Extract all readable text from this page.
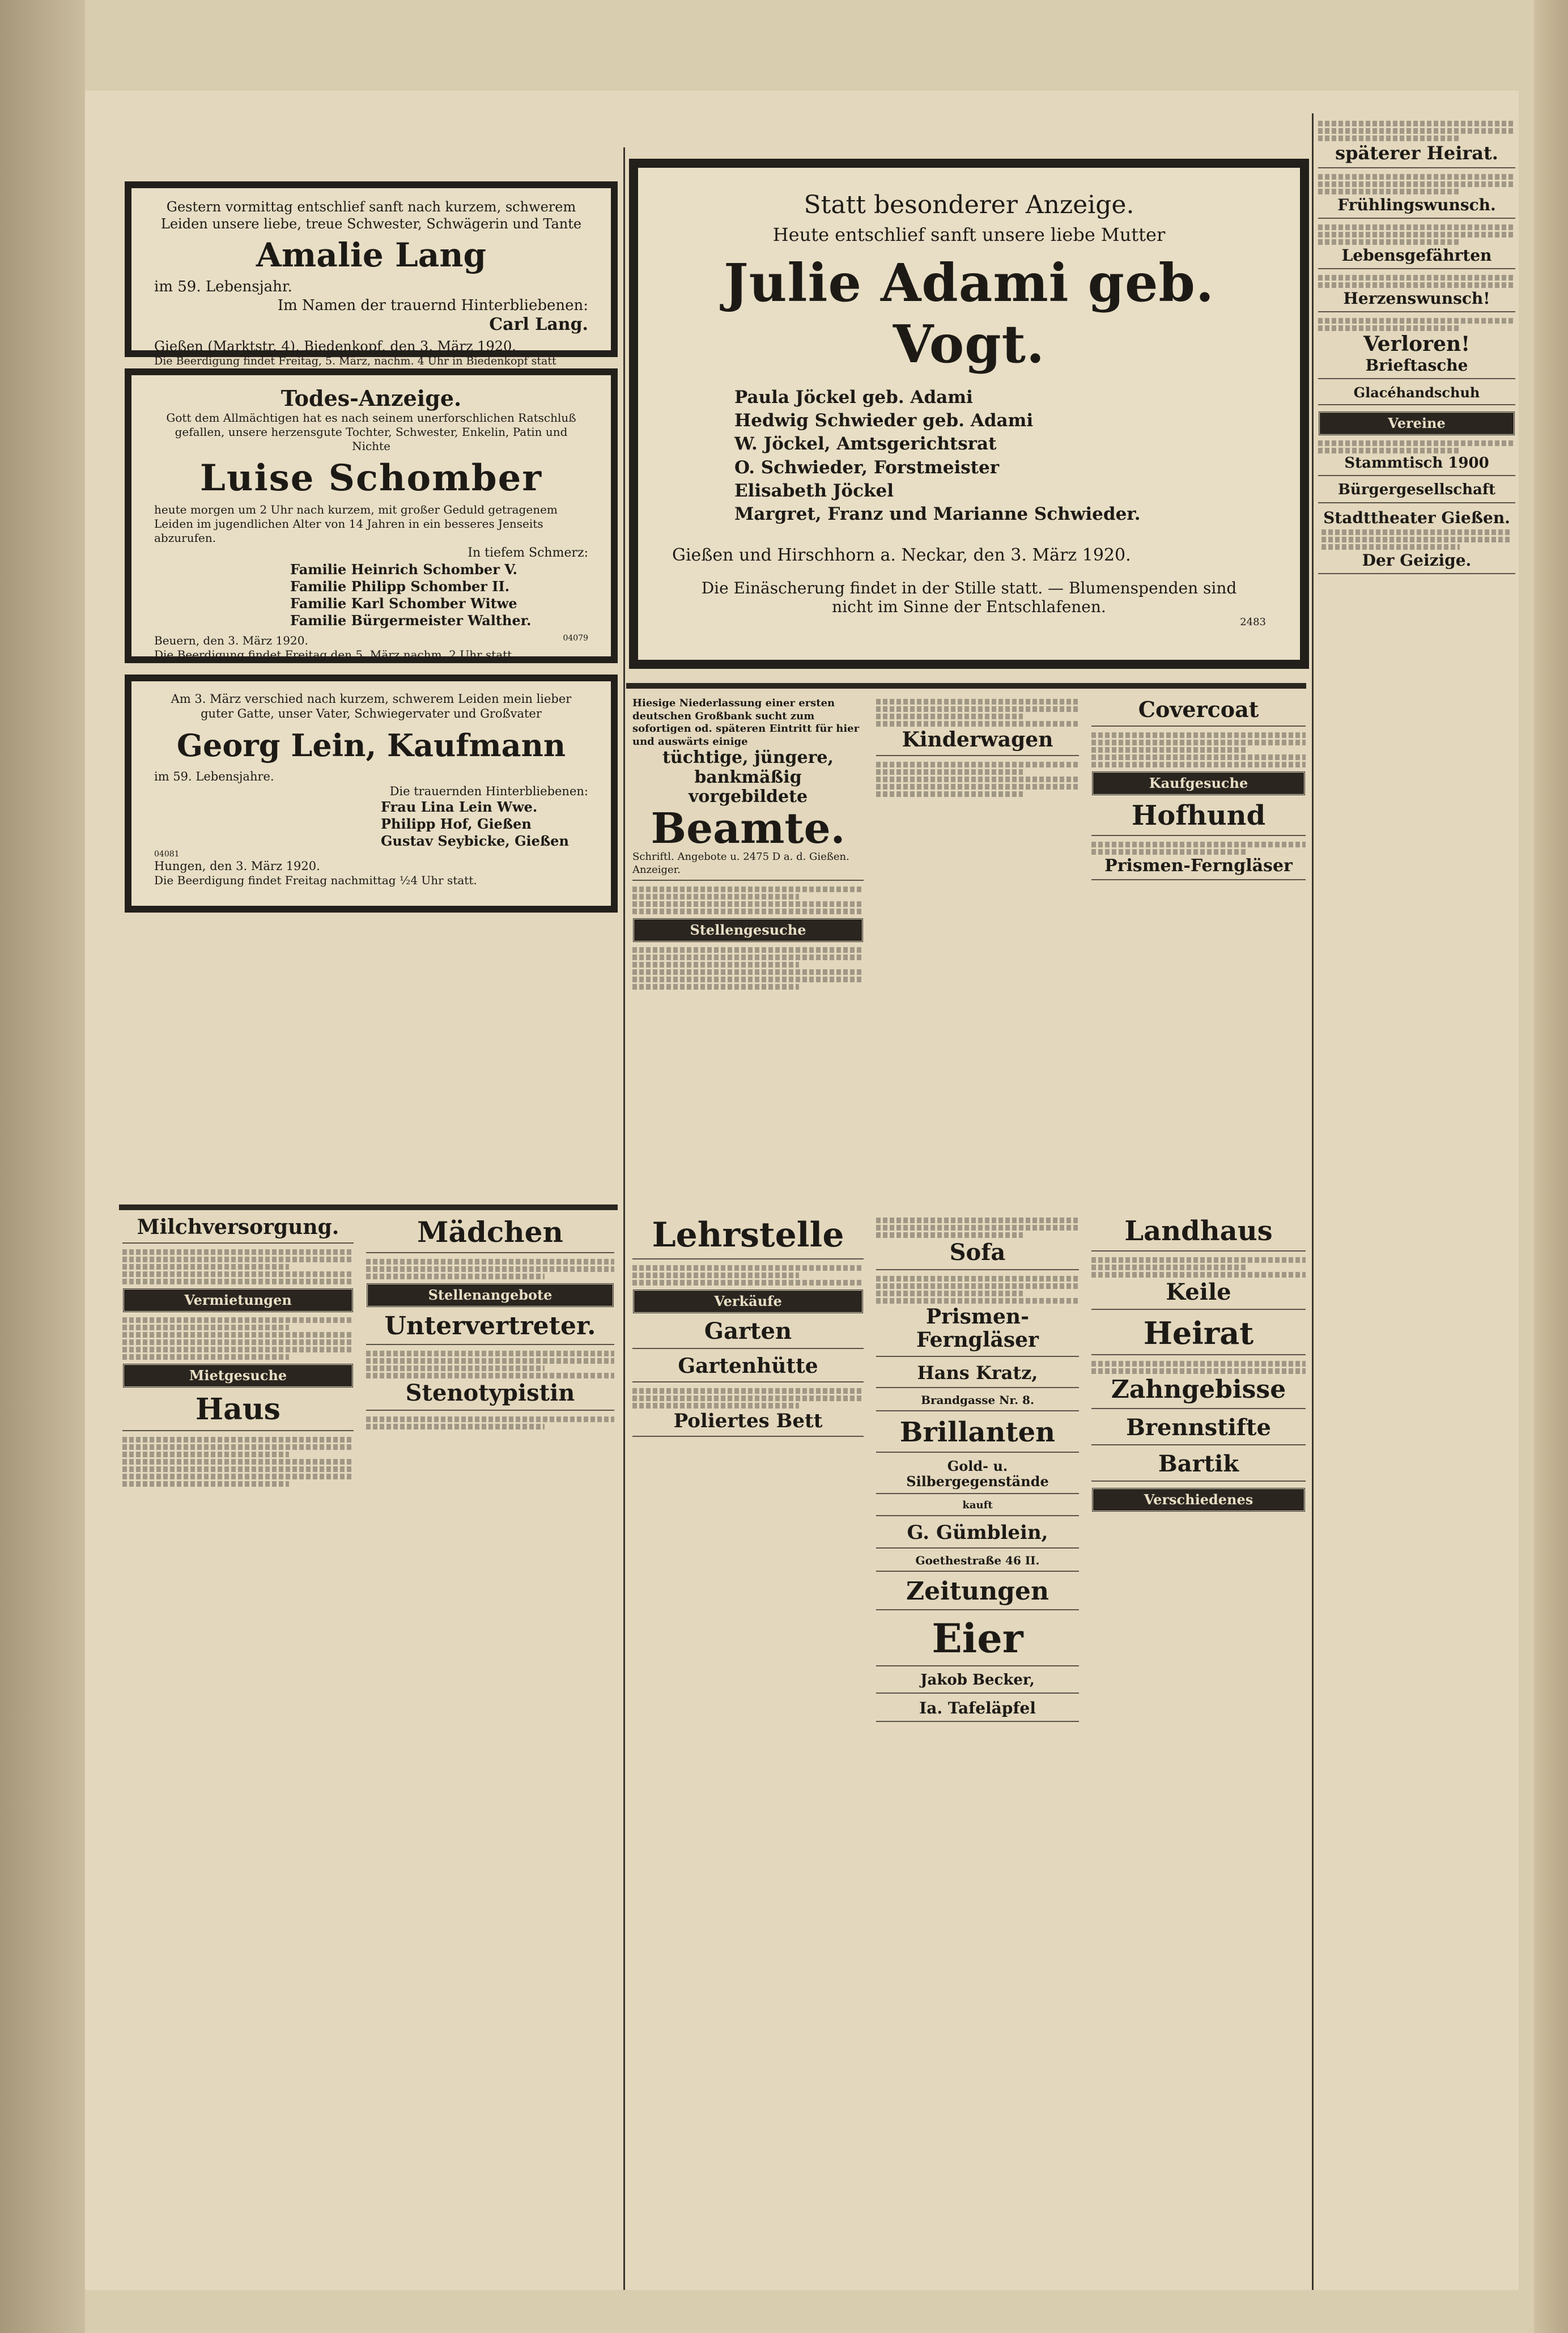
Gestern vormittag entschlief sanft nach kurzem, schwerem Leiden unsere liebe, treue Schwester, Schwägerin und Tante

Amalie Lang

im 59. Lebensjahr.

Im Namen der trauernd Hinterbliebenen:

Carl Lang.

Gießen (Marktstr. 4), Biedenkopf, den 3. März 1920.

Die Beerdigung findet Freitag, 5. März, nachm. 4 Uhr in Biedenkopf statt

Todes-Anzeige.

Gott dem Allmächtigen hat es nach seinem unerforschlichen Ratschluß gefallen, unsere herzensgute Tochter, Schwester, Enkelin, Patin und Nichte

Luise Schomber

heute morgen um 2 Uhr nach kurzem, mit großer Geduld getragenem Leiden im jugendlichen Alter von 14 Jahren in ein besseres Jenseits abzurufen.

In tiefem Schmerz:

Familie Heinrich Schomber V.
Familie Philipp Schomber II.
Familie Karl Schomber Witwe
Familie Bürgermeister Walther.

Beuern, den 3. März 1920.	04079

Die Beerdigung findet Freitag den 5. März nachm. 2 Uhr statt.

Am 3. März verschied nach kurzem, schwerem Leiden mein lieber guter Gatte, unser Vater, Schwiegervater und Großvater

Georg Lein, Kaufmann

im 59. Lebensjahre.

Die trauernden Hinterbliebenen:

Frau Lina Lein Wwe.
Philipp Hof, Gießen
Gustav Seybicke, Gießen

04081

Hungen, den 3. März 1920.

Die Beerdigung findet Freitag nachmittag ½4 Uhr statt.

Statt besonderer Anzeige.

Heute entschlief sanft unsere liebe Mutter

Julie Adami geb. Vogt.

Paula Jöckel geb. Adami
Hedwig Schwieder geb. Adami
W. Jöckel, Amtsgerichtsrat
O. Schwieder, Forstmeister
Elisabeth Jöckel
Margret, Franz und Marianne Schwieder.

Gießen und Hirschhorn a. Neckar, den 3. März 1920.

Die Einäscherung findet in der Stille statt. — Blumenspenden sind nicht im Sinne der Entschlafenen.

2483

Hiesige Niederlassung einer ersten deutschen Großbank sucht zum sofortigen od. späteren Eintritt für hier und auswärts einige
tüchtige, jüngere, bankmäßig vorgebildete
Beamte.
Schriftl. Angebote u. 2475 D a. d. Gießen. Anzeiger.
Stellengesuche
Kinderwagen
Covercoat
Kaufgesuche
Hofhund
Prismen-Ferngläser
Milchversorgung.
Vermietungen
Mietgesuche
Haus
Mädchen
Stellenangebote
Untervertreter.
Stenotypistin
Lehrstelle
Verkäufe
Garten
Gartenhütte
Poliertes Bett
Sofa
Prismen-Ferngläser
Hans Kratz,
Brandgasse Nr. 8.
Brillanten
Gold- u. Silbergegenstände
kauft
G. Gümblein,
Goethestraße 46 II.
Zeitungen
Eier
Jakob Becker,
Ia. Tafeläpfel
Landhaus
Keile
Heirat
Zahngebisse
Brennstifte
Bartik
Verschiedenes
späterer Heirat.
Frühlingswunsch.
Lebensgefährten
Herzenswunsch!
Verloren!
Brieftasche
Glacéhandschuh
Vereine
Stammtisch 1900
Bürgergesellschaft
Stadttheater Gießen.
Der Geizige.
